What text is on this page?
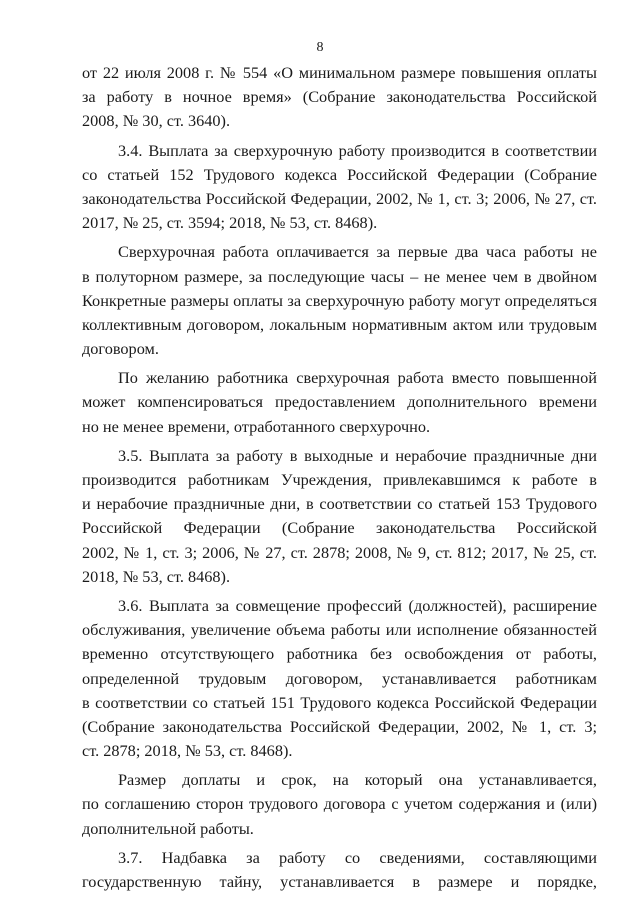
8
от 22 июля 2008 г. № 554 «О минимальном размере повышения оплаты
за работу в ночное время» (Собрание законодательства Российской
2008, № 30, ст. 3640).
3.4. Выплата за сверхурочную работу производится в соответствии
со статьей 152 Трудового кодекса Российской Федерации (Собрание
законодательства Российской Федерации, 2002, № 1, ст. 3; 2006, № 27, ст.
2017, № 25, ст. 3594; 2018, № 53, ст. 8468).
Сверхурочная работа оплачивается за первые два часа работы не
в полуторном размере, за последующие часы – не менее чем в двойном
Конкретные размеры оплаты за сверхурочную работу могут определяться
коллективным договором, локальным нормативным актом или трудовым
договором.
По желанию работника сверхурочная работа вместо повышенной
может компенсироваться предоставлением дополнительного времени
но не менее времени, отработанного сверхурочно.
3.5. Выплата за работу в выходные и нерабочие праздничные дни
производится работникам Учреждения, привлекавшимся к работе в
и нерабочие праздничные дни, в соответствии со статьей 153 Трудового
Российской Федерации (Собрание законодательства Российской
2002, № 1, ст. 3; 2006, № 27, ст. 2878; 2008, № 9, ст. 812; 2017, № 25, ст.
2018, № 53, ст. 8468).
3.6. Выплата за совмещение профессий (должностей), расширение
обслуживания, увеличение объема работы или исполнение обязанностей
временно отсутствующего работника без освобождения от работы,
определенной трудовым договором, устанавливается работникам
в соответствии со статьей 151 Трудового кодекса Российской Федерации
(Собрание законодательства Российской Федерации, 2002, № 1, ст. 3;
ст. 2878; 2018, № 53, ст. 8468).
Размер доплаты и срок, на который она устанавливается,
по соглашению сторон трудового договора с учетом содержания и (или)
дополнительной работы.
3.7. Надбавка за работу со сведениями, составляющими
государственную тайну, устанавливается в размере и порядке,
